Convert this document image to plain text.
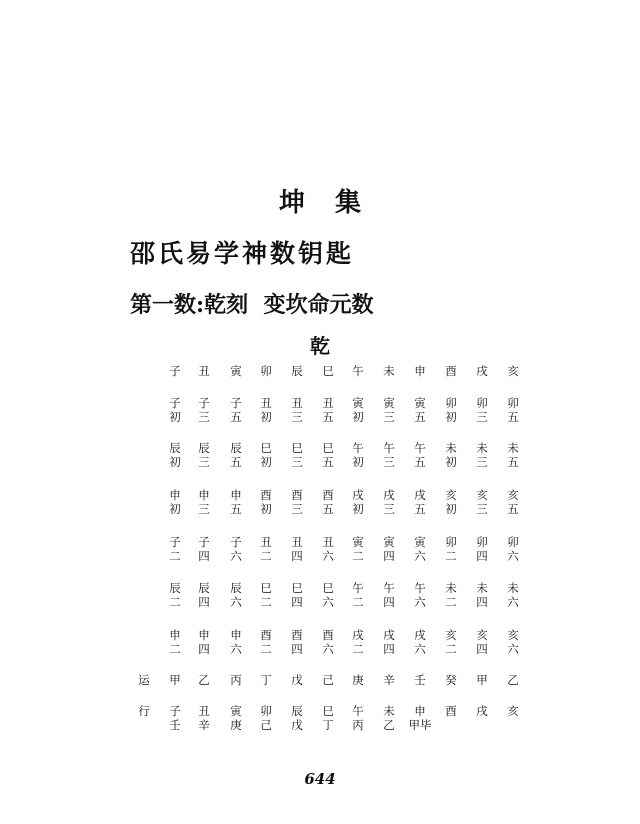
坤集
邵氏易学神数钥匙
第一数:乾刻  变坎命元数
乾
子	丑	寅	卯	辰	巳	午	未	申	酉	戌	亥
子	子	子	丑	丑	丑	寅	寅	寅	卯	卯	卯
初	三	五	初	三	五	初	三	五	初	三	五
辰	辰	辰	巳	巳	巳	午	午	午	未	未	未
初	三	五	初	三	五	初	三	五	初	三	五
申	申	申	酉	酉	酉	戌	戌	戌	亥	亥	亥
初	三	五	初	三	五	初	三	五	初	三	五
子	子	子	丑	丑	丑	寅	寅	寅	卯	卯	卯
二	四	六	二	四	六	二	四	六	二	四	六
辰	辰	辰	巳	巳	巳	午	午	午	未	未	未
二	四	六	二	四	六	二	四	六	二	四	六
申	申	申	酉	酉	酉	戌	戌	戌	亥	亥	亥
二	四	六	二	四	六	二	四	六	二	四	六
运	甲	乙	丙	丁	戊	己	庚	辛	壬	癸	甲	乙
行	子	丑	寅	卯	辰	巳	午	未	申	酉	戌	亥
壬	辛	庚	己	戊	丁	丙	乙	甲毕
644
